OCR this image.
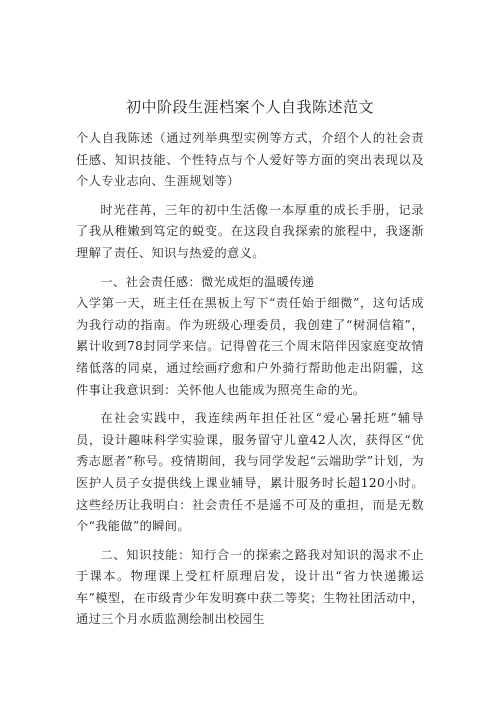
初中阶段生涯档案个人自我陈述范文

个人自我陈述（通过列举典型实例等方式，介绍个人的社会责任感、知识技能、个性特点与个人爱好等方面的突出表现以及个人专业志向、生涯规划等）

时光荏苒，三年的初中生活像一本厚重的成长手册，记录了我从稚嫩到笃定的蜕变。在这段自我探索的旅程中，我逐渐理解了责任、知识与热爱的意义。

一、社会责任感：微光成炬的温暖传递

入学第一天，班主任在黑板上写下“责任始于细微”，这句话成为我行动的指南。作为班级心理委员，我创建了“树洞信箱”，累计收到78封同学来信。记得曾花三个周末陪伴因家庭变故情绪低落的同桌，通过绘画疗愈和户外骑行帮助他走出阴霾，这件事让我意识到：关怀他人也能成为照亮生命的光。

在社会实践中，我连续两年担任社区“爱心暑托班”辅导员，设计趣味科学实验课，服务留守儿童42人次，获得区“优秀志愿者”称号。疫情期间，我与同学发起“云端助学”计划，为医护人员子女提供线上课业辅导，累计服务时长超120小时。这些经历让我明白：社会责任不是遥不可及的重担，而是无数个“我能做”的瞬间。

二、知识技能：知行合一的探索之路我对知识的渴求不止于课本。物理课上受杠杆原理启发，设计出“省力快递搬运车”模型，在市级青少年发明赛中获二等奖；生物社团活动中，通过三个月水质监测绘制出校园生
